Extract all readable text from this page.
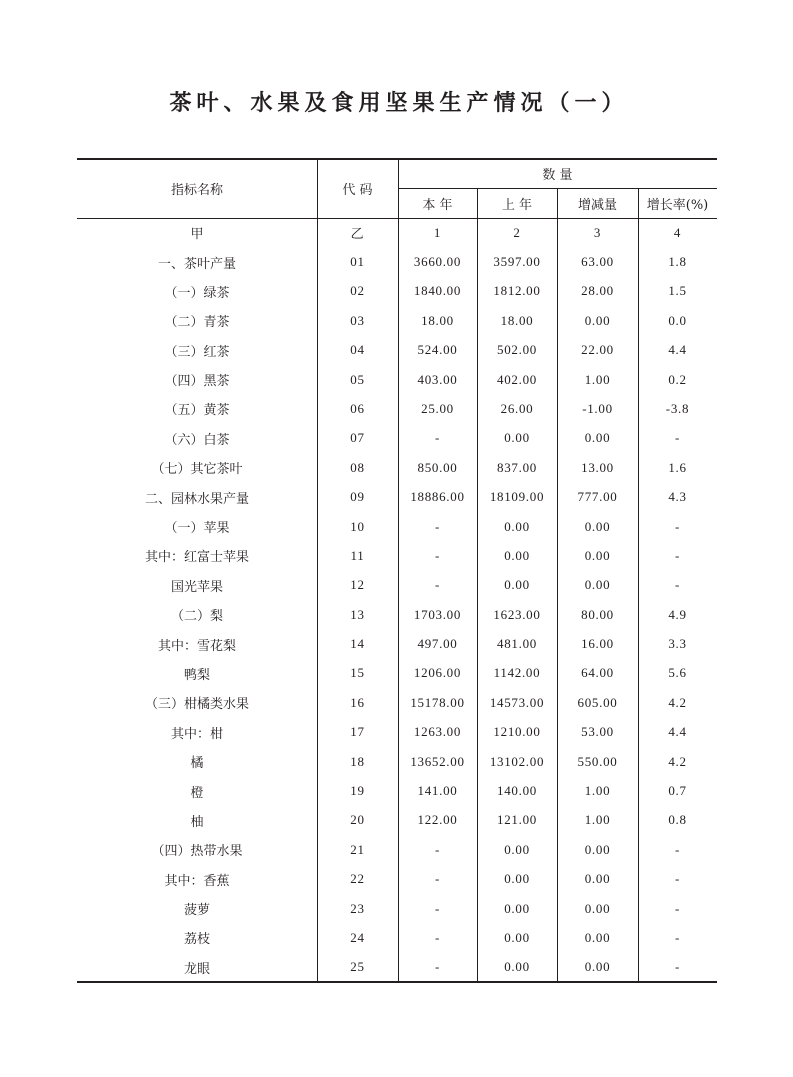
茶叶、水果及食用坚果生产情况（一）
指标名称	代 码
数 量
本 年	上 年	增减量	增长率(%)
甲	乙	1	2	3	4
一、茶叶产量	01	3660.00	3597.00	63.00	1.8
（一）绿茶	02	1840.00	1812.00	28.00	1.5
（二）青茶	03	18.00	18.00	0.00	0.0
（三）红茶	04	524.00	502.00	22.00	4.4
（四）黑茶	05	403.00	402.00	1.00	0.2
（五）黄茶	06	25.00	26.00	-1.00	-3.8
（六）白茶	07	-	0.00	0.00	-
（七）其它茶叶	08	850.00	837.00	13.00	1.6
二、园林水果产量	09	18886.00	18109.00	777.00	4.3
（一）苹果	10	-	0.00	0.00	-
其中：红富士苹果	11	-	0.00	0.00	-
国光苹果	12	-	0.00	0.00	-
（二）梨	13	1703.00	1623.00	80.00	4.9
其中：雪花梨	14	497.00	481.00	16.00	3.3
鸭梨	15	1206.00	1142.00	64.00	5.6
（三）柑橘类水果	16	15178.00	14573.00	605.00	4.2
其中：柑	17	1263.00	1210.00	53.00	4.4
橘	18	13652.00	13102.00	550.00	4.2
橙	19	141.00	140.00	1.00	0.7
柚	20	122.00	121.00	1.00	0.8
（四）热带水果	21	-	0.00	0.00	-
其中：香蕉	22	-	0.00	0.00	-
菠萝	23	-	0.00	0.00	-
荔枝	24	-	0.00	0.00	-
龙眼	25	-	0.00	0.00	-
